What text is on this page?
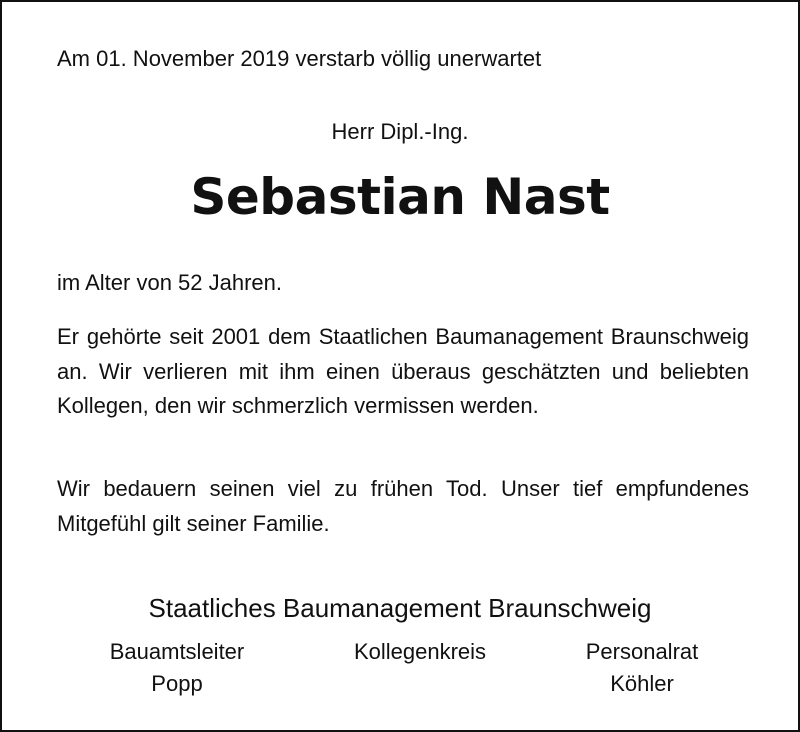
Am 01. November 2019 verstarb völlig unerwartet

Herr Dipl.-Ing.

Sebastian Nast

im Alter von 52 Jahren.

Er gehörte seit 2001 dem Staatlichen Baumanagement Braunschweig an. Wir verlieren mit ihm einen überaus geschätzten und beliebten Kollegen, den wir schmerzlich vermissen werden.

Wir bedauern seinen viel zu frühen Tod. Unser tief empfundenes Mitgefühl gilt seiner Familie.

Staatliches Baumanagement Braunschweig

Bauamtsleiter
Popp
Kollegenkreis	Personalrat
Köhler
